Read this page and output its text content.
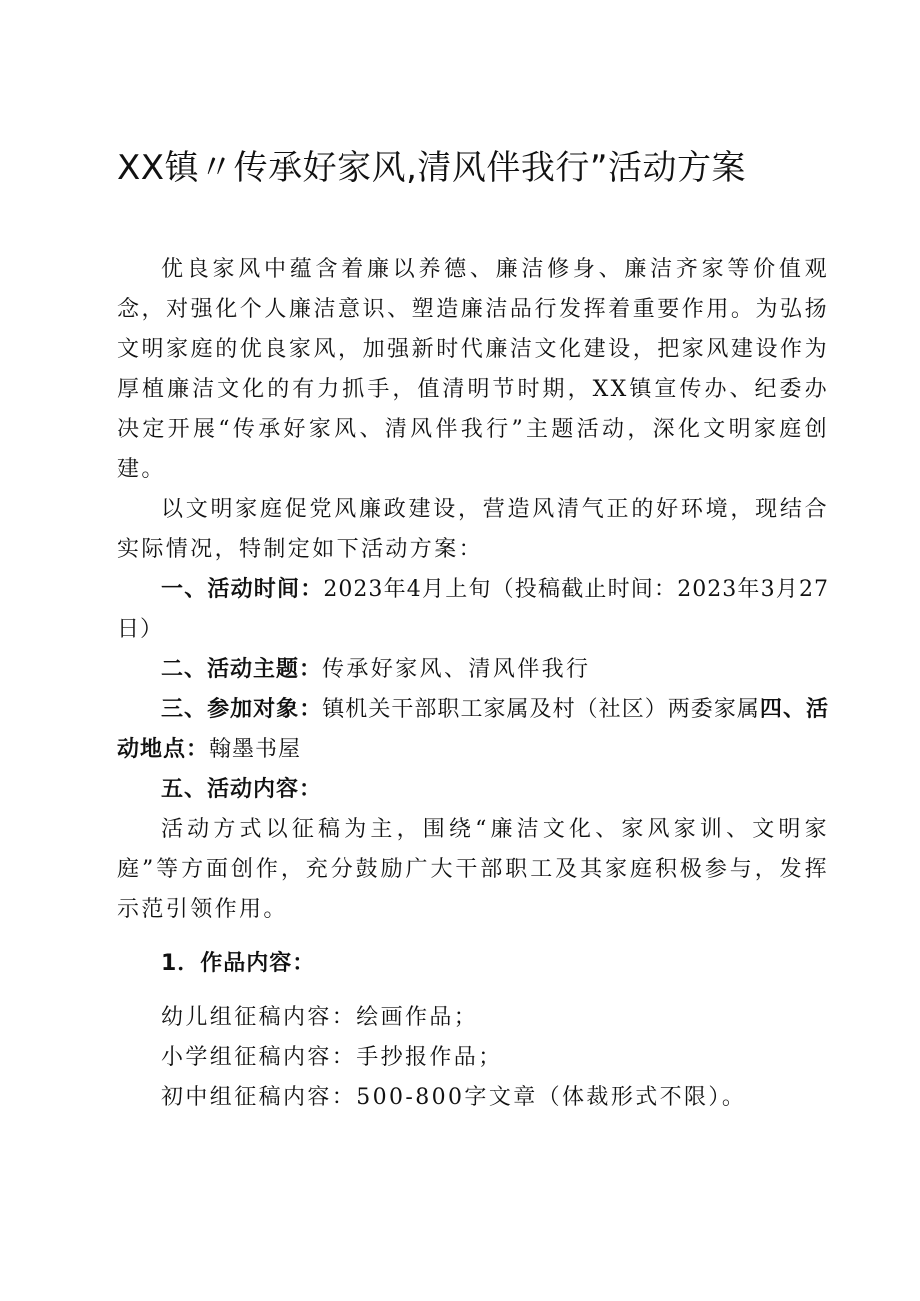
XX镇〃传承好家风,清风伴我行”活动方案

优良家风中蕴含着廉以养德、廉洁修身、廉洁齐家等价值观念，对强化个人廉洁意识、塑造廉洁品行发挥着重要作用。为弘扬文明家庭的优良家风，加强新时代廉洁文化建设，把家风建设作为厚植廉洁文化的有力抓手，值清明节时期，XX镇宣传办、纪委办决定开展“传承好家风、清风伴我行”主题活动，深化文明家庭创建。

以文明家庭促党风廉政建设，营造风清气正的好环境，现结合实际情况，特制定如下活动方案：

一、活动时间：2023年4月上旬（投稿截止时间：2023年3月27日）

二、活动主题：传承好家风、清风伴我行

三、参加对象：镇机关干部职工家属及村（社区）两委家属四、活动地点：翰墨书屋

五、活动内容：

活动方式以征稿为主，围绕“廉洁文化、家风家训、文明家庭”等方面创作，充分鼓励广大干部职工及其家庭积极参与，发挥示范引领作用。

1．作品内容：

幼儿组征稿内容：绘画作品；

小学组征稿内容：手抄报作品；

初中组征稿内容：500-800字文章（体裁形式不限）。
